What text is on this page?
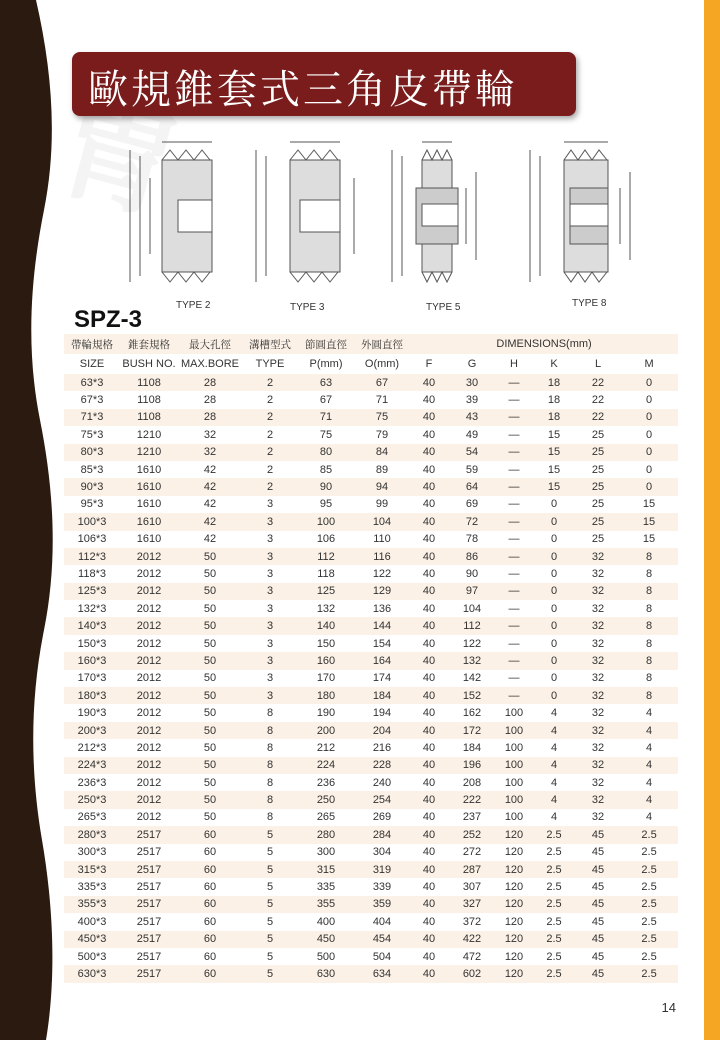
冑
歐規錐套式三角皮帶輪
TYPE 2	TYPE 3	TYPE 5	TYPE 8
SPZ-3
帶輪規格	錐套規格	最大孔徑	溝槽型式	節圓直徑	外圓直徑	DIMENSIONS(mm)					
SIZE	BUSH NO.	MAX.BORE	TYPE	P(mm)	O(mm)	F	G	H	K	L	M
63*3	1108	28	2	63	67	40	30	—	18	22	0
67*3	1108	28	2	67	71	40	39	—	18	22	0
71*3	1108	28	2	71	75	40	43	—	18	22	0
75*3	1210	32	2	75	79	40	49	—	15	25	0
80*3	1210	32	2	80	84	40	54	—	15	25	0
85*3	1610	42	2	85	89	40	59	—	15	25	0
90*3	1610	42	2	90	94	40	64	—	15	25	0
95*3	1610	42	3	95	99	40	69	—	0	25	15
100*3	1610	42	3	100	104	40	72	—	0	25	15
106*3	1610	42	3	106	110	40	78	—	0	25	15
112*3	2012	50	3	112	116	40	86	—	0	32	8
118*3	2012	50	3	118	122	40	90	—	0	32	8
125*3	2012	50	3	125	129	40	97	—	0	32	8
132*3	2012	50	3	132	136	40	104	—	0	32	8
140*3	2012	50	3	140	144	40	112	—	0	32	8
150*3	2012	50	3	150	154	40	122	—	0	32	8
160*3	2012	50	3	160	164	40	132	—	0	32	8
170*3	2012	50	3	170	174	40	142	—	0	32	8
180*3	2012	50	3	180	184	40	152	—	0	32	8
190*3	2012	50	8	190	194	40	162	100	4	32	4
200*3	2012	50	8	200	204	40	172	100	4	32	4
212*3	2012	50	8	212	216	40	184	100	4	32	4
224*3	2012	50	8	224	228	40	196	100	4	32	4
236*3	2012	50	8	236	240	40	208	100	4	32	4
250*3	2012	50	8	250	254	40	222	100	4	32	4
265*3	2012	50	8	265	269	40	237	100	4	32	4
280*3	2517	60	5	280	284	40	252	120	2.5	45	2.5
300*3	2517	60	5	300	304	40	272	120	2.5	45	2.5
315*3	2517	60	5	315	319	40	287	120	2.5	45	2.5
335*3	2517	60	5	335	339	40	307	120	2.5	45	2.5
355*3	2517	60	5	355	359	40	327	120	2.5	45	2.5
400*3	2517	60	5	400	404	40	372	120	2.5	45	2.5
450*3	2517	60	5	450	454	40	422	120	2.5	45	2.5
500*3	2517	60	5	500	504	40	472	120	2.5	45	2.5
630*3	2517	60	5	630	634	40	602	120	2.5	45	2.5
14
